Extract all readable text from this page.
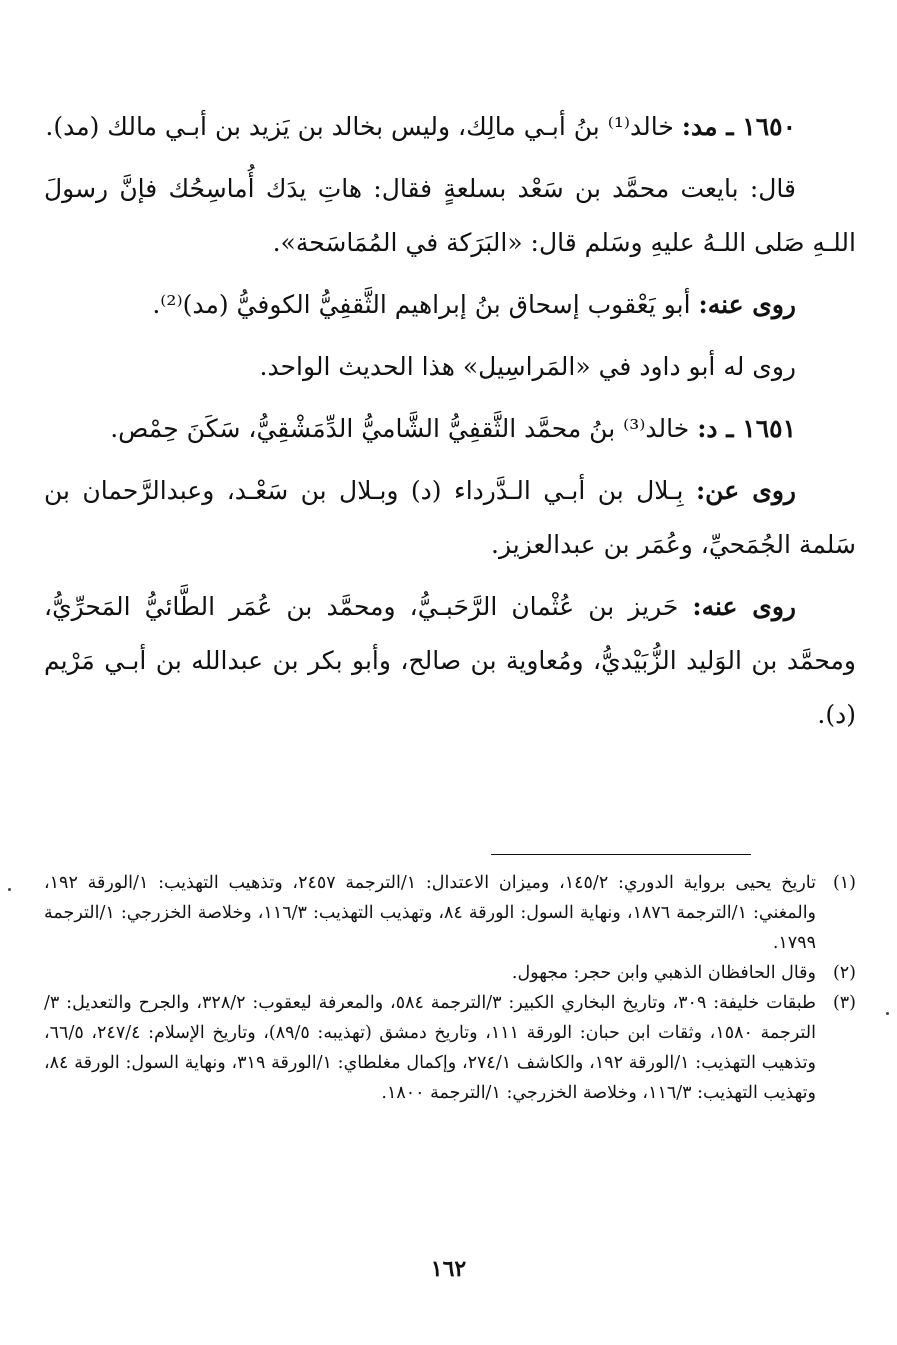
١٦٥٠ ـ مد: خالد⁽¹⁾ بنُ أبـي مالِك، وليس بخالد بن يَزيد بن أبـي مالك (مد).

قال: بايعت محمَّد بن سَعْد بسلعةٍ فقال: هاتِ يدَك أُماسِحُك فإنَّ رسولَ اللـهِ صَلى اللـهُ عليهِ وسَلم قال: «البَرَكة في المُمَاسَحة».

روى عنه: أبو يَعْقوب إسحاق بنُ إبراهيم الثَّقفِيُّ الكوفيُّ (مد)⁽²⁾.

روى له أبو داود في «المَراسِيل» هذا الحديث الواحد.

١٦٥١ ـ د: خالد⁽³⁾ بنُ محمَّد الثَّقفِيُّ الشَّاميُّ الدِّمَشْقِيُّ، سَكَنَ حِمْص.

روى عن: بِـلال بن أبـي الـدَّرداء (د) وبـلال بن سَعْـد، وعبدالرَّحمان بن سَلمة الجُمَحيِّ، وعُمَر بن عبدالعزيز.

روى عنه: حَريز بن عُثْمان الرَّحَبـيُّ، ومحمَّد بن عُمَر الطَّائيُّ المَحرِّيُّ، ومحمَّد بن الوَليد الزُّبَيْديُّ، ومُعاوية بن صالح، وأبو بكر بن عبدالله بن أبـي مَرْيم (د).

(١)
تاريخ يحيى برواية الدوري: ١٤٥/٢، وميزان الاعتدال: ١/الترجمة ٢٤٥٧، وتذهيب التهذيب: ١/الورقة ١٩٢، والمغني: ١/الترجمة ١٨٧٦، ونهاية السول: الورقة ٨٤، وتهذيب التهذيب: ١١٦/٣، وخلاصة الخزرجي: ١/الترجمة ١٧٩٩.

(٢)
وقال الحافظان الذهبي وابن حجر: مجهول.

(٣)
طبقات خليفة: ٣٠٩، وتاريخ البخاري الكبير: ٣/الترجمة ٥٨٤، والمعرفة ليعقوب: ٣٢٨/٢، والجرح والتعديل: ٣/الترجمة ١٥٨٠، وثقات ابن حبان: الورقة ١١١، وتاريخ دمشق (تهذيبه: ٨٩/٥)، وتاريخ الإسلام: ٢٤٧/٤، ٦٦/٥، وتذهيب التهذيب: ١/الورقة ١٩٢، والكاشف ٢٧٤/١، وإكمال مغلطاي: ١/الورقة ٣١٩، ونهاية السول: الورقة ٨٤، وتهذيب التهذيب: ١١٦/٣، وخلاصة الخزرجي: ١/الترجمة ١٨٠٠.

١٦٢
